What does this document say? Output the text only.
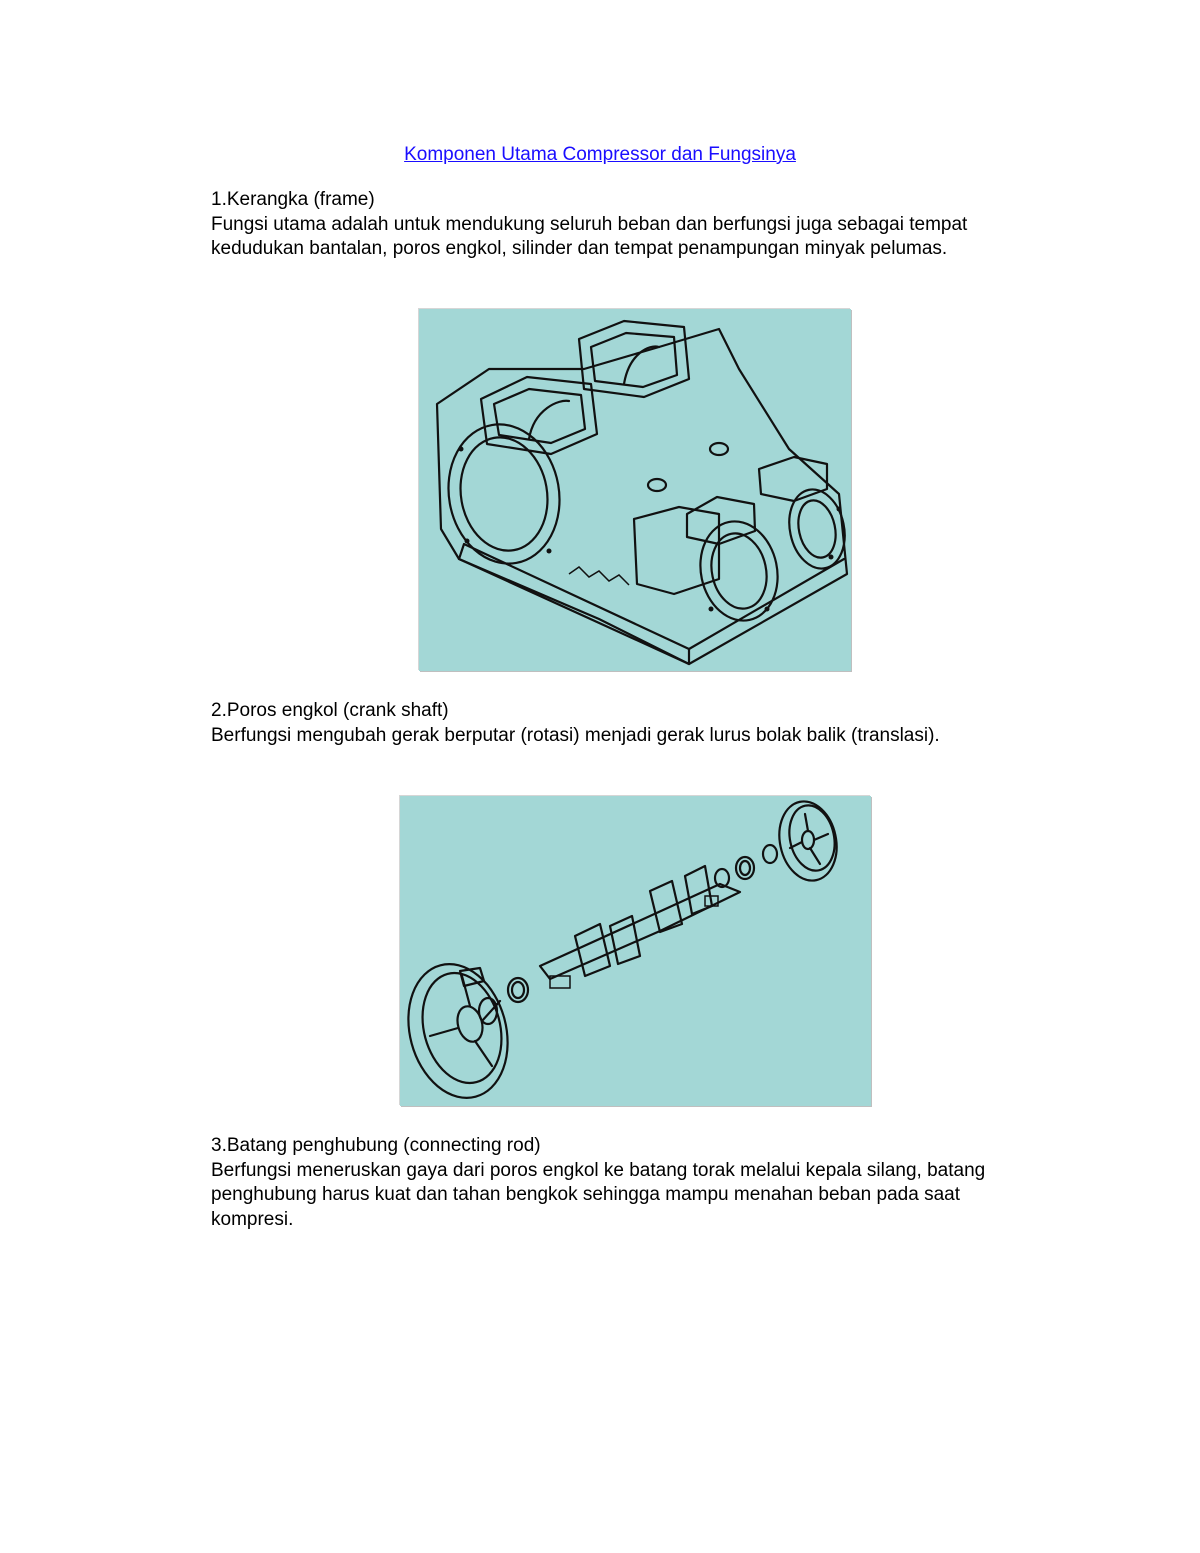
Komponen Utama Compressor dan Fungsinya

1.Kerangka (frame)

Fungsi utama adalah untuk mendukung seluruh beban dan berfungsi juga sebagai tempat kedudukan bantalan, poros engkol, silinder dan tempat penampungan minyak pelumas.

2.Poros engkol (crank shaft)

Berfungsi mengubah gerak berputar (rotasi) menjadi gerak lurus bolak balik (translasi).

3.Batang penghubung (connecting rod)

Berfungsi meneruskan gaya dari poros engkol ke batang torak melalui kepala silang, batang penghubung harus kuat dan tahan bengkok sehingga mampu menahan beban pada saat kompresi.
